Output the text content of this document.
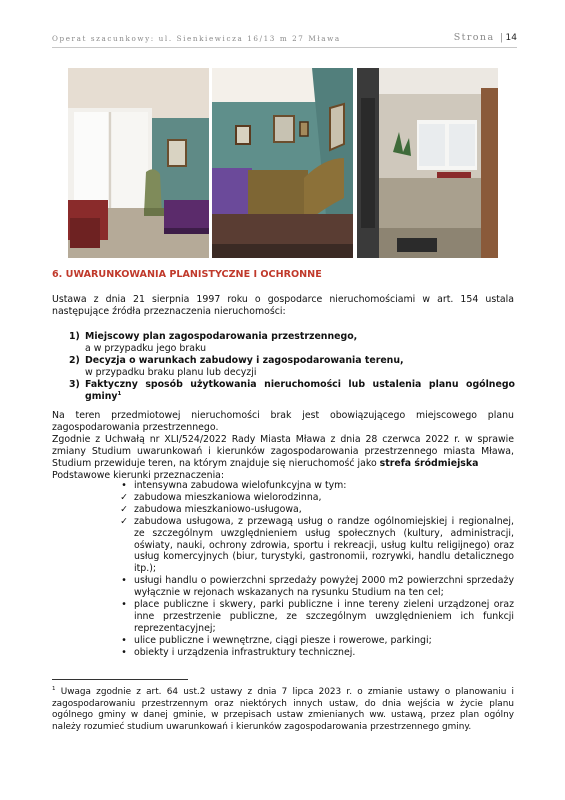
Operat szacunkowy: ul. Sienkiewicza 16/13 m 27 Mława	Strona |14
6. UWARUNKOWANIA PLANISTYCZNE I OCHRONNE
Ustawa z dnia 21 sierpnia 1997 roku o gospodarce nieruchomościami w art. 154 ustala
następujące źródła przeznaczenia nieruchomości:
1) Miejscowy plan zagospodarowania przestrzennego,
a w przypadku jego braku
2) Decyzja o warunkach zabudowy i zagospodarowania terenu,
w przypadku braku planu lub decyzji
3) Faktyczny sposób użytkowania nieruchomości lub ustalenia planu ogólnego
gminy$^1$
Na teren przedmiotowej nieruchomości brak jest obowiązującego miejscowego planu
zagospodarowania przestrzennego.
Zgodnie z Uchwałą nr XLI/524/2022 Rady Miasta Mława z dnia 28 czerwca 2022 r. w sprawie
zmiany Studium uwarunkowań i kierunków zagospodarowania przestrzennego miasta Mława,
Studium przewiduje teren, na którym znajduje się nieruchomość jako strefa śródmiejska
Podstawowe kierunki przeznaczenia:
• intensywna zabudowa wielofunkcyjna w tym:
✓ zabudowa mieszkaniowa wielorodzinna,
✓ zabudowa mieszkaniowo-usługowa,
✓ zabudowa usługowa, z przewagą usług o randze ogólnomiejskiej i regionalnej,
ze szczególnym uwzględnieniem usług społecznych (kultury, administracji,
oświaty, nauki, ochrony zdrowia, sportu i rekreacji, usług kultu religijnego) oraz
usług komercyjnych (biur, turystyki, gastronomii, rozrywki, handlu detalicznego
itp.);
• usługi handlu o powierzchni sprzedaży powyżej 2000 m2 powierzchni sprzedaży
wyłącznie w rejonach wskazanych na rysunku Studium na ten cel;
• place publiczne i skwery, parki publiczne i inne tereny zieleni urządzonej oraz
inne przestrzenie publiczne, ze szczególnym uwzględnieniem ich funkcji
reprezentacyjnej;
• ulice publiczne i wewnętrzne, ciągi piesze i rowerowe, parkingi;
• obiekty i urządzenia infrastruktury technicznej.
$^1$ Uwaga zgodnie z art. 64 ust.2 ustawy z dnia 7 lipca 2023 r. o zmianie ustawy o planowaniu i
zagospodarowaniu przestrzennym oraz niektórych innych ustaw, do dnia wejścia w życie planu
ogólnego gminy w danej gminie, w przepisach ustaw zmienianych ww. ustawą, przez plan ogólny
należy rozumieć studium uwarunkowań i kierunków zagospodarowania przestrzennego gminy.
